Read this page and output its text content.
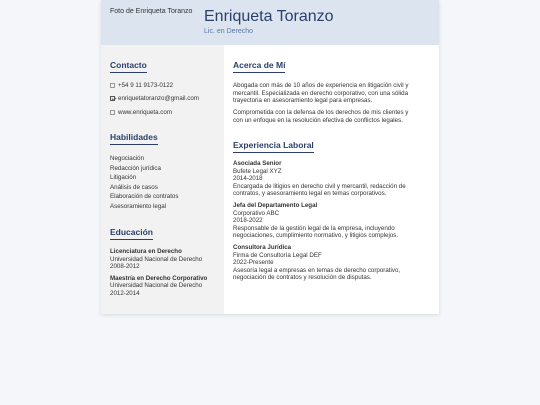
Foto de Enriqueta Toranzo Enriqueta Toranzo
Lic. en Derecho
Contacto
+54 9 11 9173-0122
enriquetatoranzo@gmail.com
www.enriqueta.com
Habilidades
Negociación
Redacción jurídica
Litigación
Análisis de casos
Elaboración de contratos
Asesoramiento legal
Educación
Licenciatura en Derecho
Universidad Nacional de Derecho
2008-2012
Maestría en Derecho Corporativo
Universidad Nacional de Derecho
2012-2014
Acerca de Mí
Abogada con más de 10 años de experiencia en litigación civil y
mercantil. Especializada en derecho corporativo, con una sólida
trayectoria en asesoramiento legal para empresas.
Comprometida con la defensa de los derechos de mis clientes y
con un enfoque en la resolución efectiva de conflictos legales.
Experiencia Laboral
Asociada Senior
Bufete Legal XYZ
2014-2018
Encargada de litigios en derecho civil y mercantil, redacción de
contratos, y asesoramiento legal en temas corporativos.
Jefa del Departamento Legal
Corporativo ABC
2018-2022
Responsable de la gestión legal de la empresa, incluyendo
negociaciones, cumplimiento normativo, y litigios complejos.
Consultora Jurídica
Firma de Consultoría Legal DEF
2022-Presente
Asesoría legal a empresas en temas de derecho corporativo,
negociación de contratos y resolución de disputas.
